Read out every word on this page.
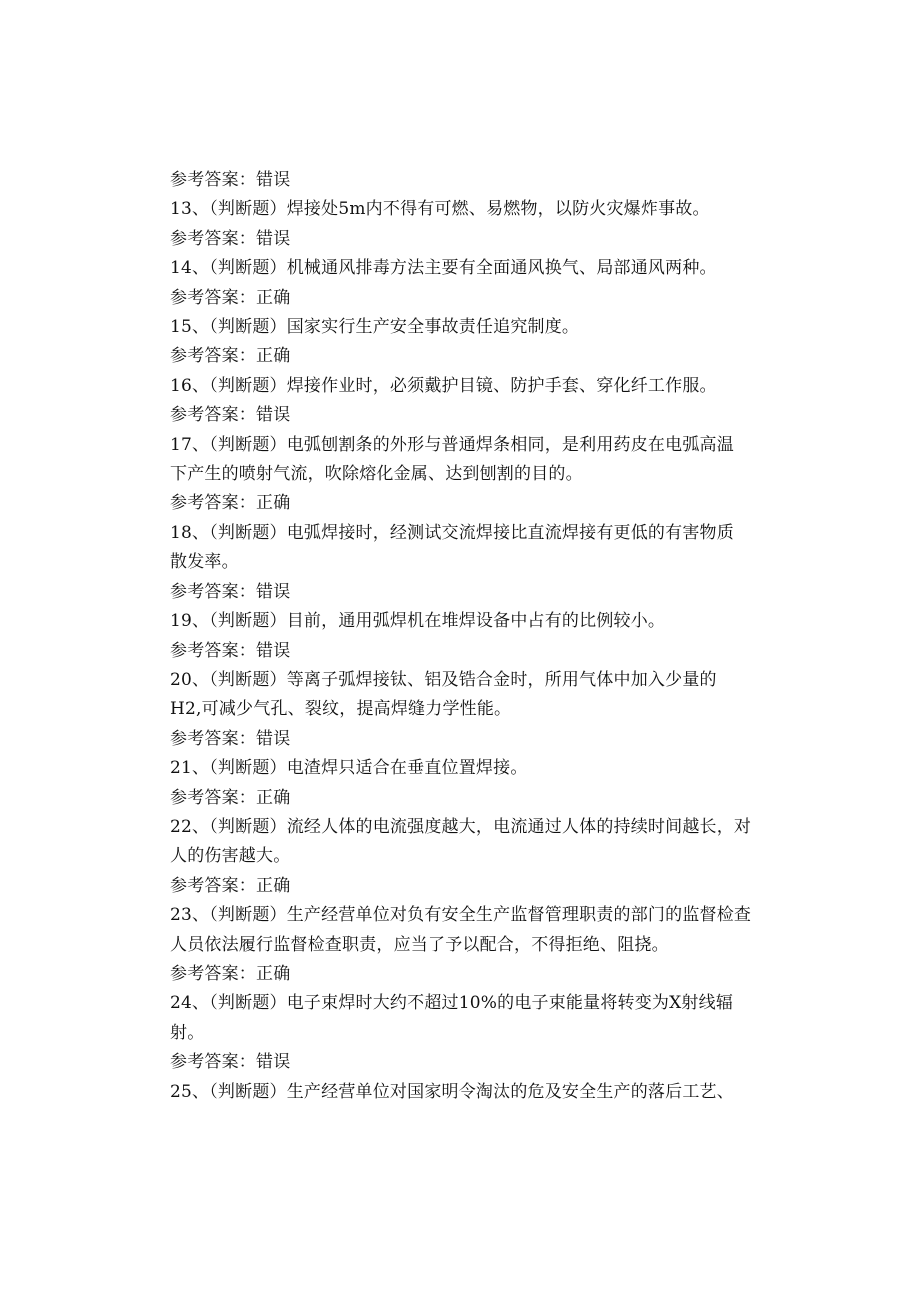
参考答案：错误

13、（判断题）焊接处5m内不得有可燃、易燃物，以防火灾爆炸事故。

参考答案：错误

14、（判断题）机械通风排毒方法主要有全面通风换气、局部通风两种。

参考答案：正确

15、（判断题）国家实行生产安全事故责任追究制度。

参考答案：正确

16、（判断题）焊接作业时，必须戴护目镜、防护手套、穿化纤工作服。

参考答案：错误

17、（判断题）电弧刨割条的外形与普通焊条相同，是利用药皮在电弧高温

下产生的喷射气流，吹除熔化金属、达到刨割的目的。

参考答案：正确

18、（判断题）电弧焊接时，经测试交流焊接比直流焊接有更低的有害物质

散发率。

参考答案：错误

19、（判断题）目前，通用弧焊机在堆焊设备中占有的比例较小。

参考答案：错误

20、（判断题）等离子弧焊接钛、铝及锆合金时，所用气体中加入少量的

H2,可减少气孔、裂纹，提高焊缝力学性能。

参考答案：错误

21、（判断题）电渣焊只适合在垂直位置焊接。

参考答案：正确

22、（判断题）流经人体的电流强度越大，电流通过人体的持续时间越长，对

人的伤害越大。

参考答案：正确

23、（判断题）生产经营单位对负有安全生产监督管理职责的部门的监督检查

人员依法履行监督检查职责，应当了予以配合，不得拒绝、阻挠。

参考答案：正确

24、（判断题）电子束焊时大约不超过10%的电子束能量将转变为X射线辐

射。

参考答案：错误

25、（判断题）生产经营单位对国家明令淘汰的危及安全生产的落后工艺、
